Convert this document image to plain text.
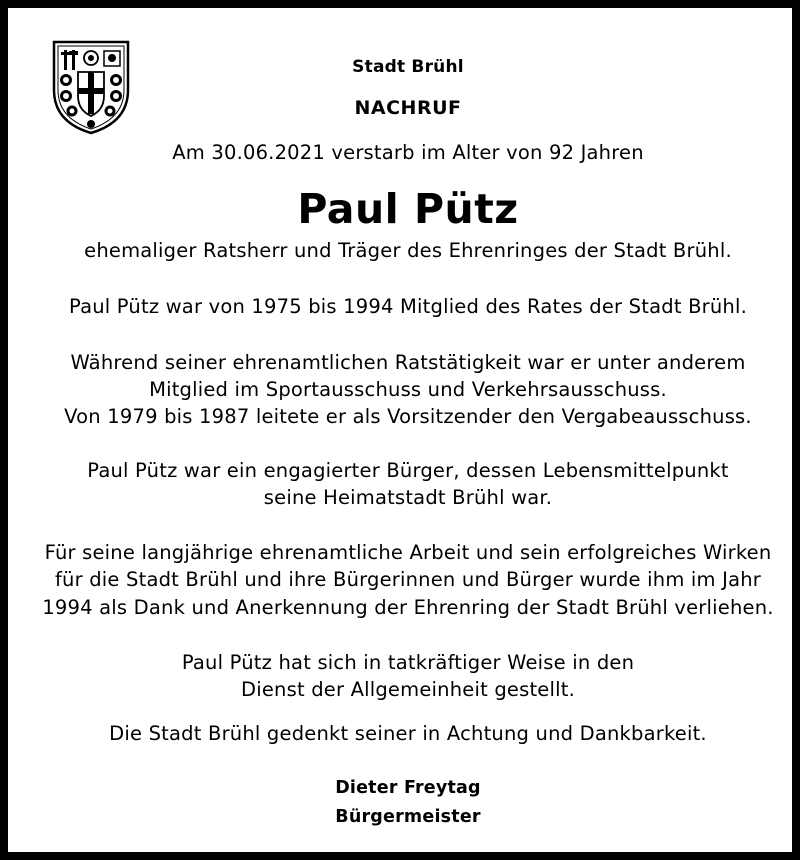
Stadt Brühl
NACHRUF
Am 30.06.2021 verstarb im Alter von 92 Jahren
Paul Pütz
ehemaliger Ratsherr und Träger des Ehrenringes der Stadt Brühl.
Paul Pütz war von 1975 bis 1994 Mitglied des Rates der Stadt Brühl.
Während seiner ehrenamtlichen Ratstätigkeit war er unter anderem
Mitglied im Sportausschuss und Verkehrsausschuss.
Von 1979 bis 1987 leitete er als Vorsitzender den Vergabeausschuss.
Paul Pütz war ein engagierter Bürger, dessen Lebensmittelpunkt
seine Heimatstadt Brühl war.
Für seine langjährige ehrenamtliche Arbeit und sein erfolgreiches Wirken
für die Stadt Brühl und ihre Bürgerinnen und Bürger wurde ihm im Jahr
1994 als Dank und Anerkennung der Ehrenring der Stadt Brühl verliehen.
Paul Pütz hat sich in tatkräftiger Weise in den
Dienst der Allgemeinheit gestellt.
Die Stadt Brühl gedenkt seiner in Achtung und Dankbarkeit.
Dieter Freytag
Bürgermeister
